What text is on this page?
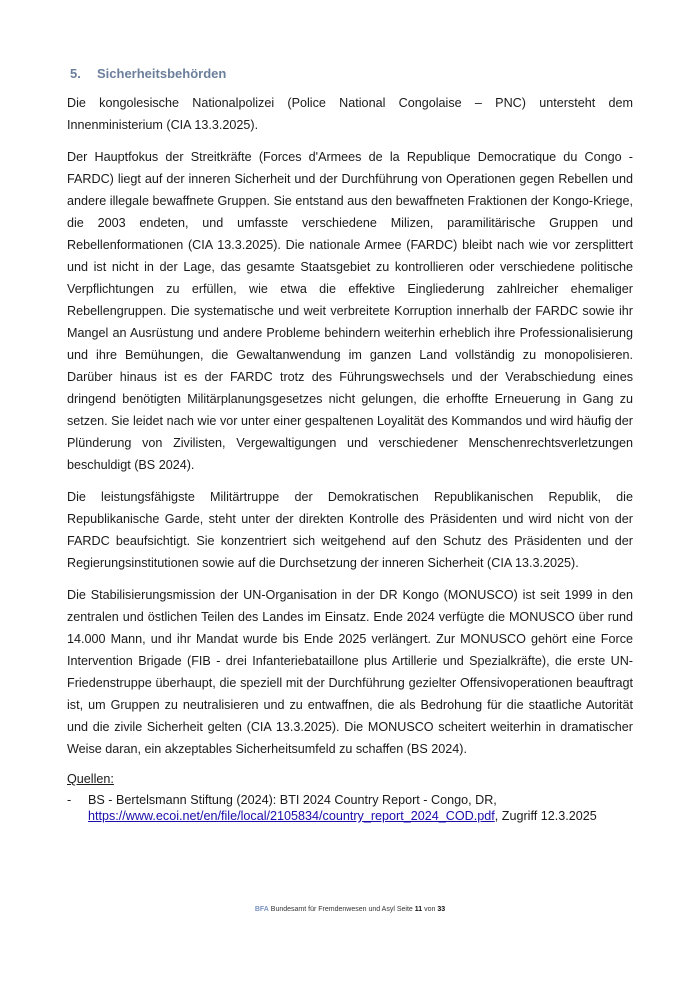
5.	Sicherheitsbehörden

Die kongolesische Nationalpolizei (Police National Congolaise – PNC) untersteht dem Innenministerium (CIA 13.3.2025).

Der Hauptfokus der Streitkräfte (Forces d'Armees de la Republique Democratique du Congo - FARDC) liegt auf der inneren Sicherheit und der Durchführung von Operationen gegen Rebellen und andere illegale bewaffnete Gruppen. Sie entstand aus den bewaffneten Fraktionen der Kongo-Kriege, die 2003 endeten, und umfasste verschiedene Milizen, paramilitärische Gruppen und Rebellenformationen (CIA 13.3.2025). Die nationale Armee (FARDC) bleibt nach wie vor zersplittert und ist nicht in der Lage, das gesamte Staatsgebiet zu kontrollieren oder verschiedene politische Verpflichtungen zu erfüllen, wie etwa die effektive Eingliederung zahlreicher ehemaliger Rebellengruppen. Die systematische und weit verbreitete Korruption innerhalb der FARDC sowie ihr Mangel an Ausrüstung und andere Probleme behindern weiterhin erheblich ihre Professionalisierung und ihre Bemühungen, die Gewaltanwendung im ganzen Land vollständig zu monopolisieren. Darüber hinaus ist es der FARDC trotz des Führungswechsels und der Verabschiedung eines dringend benötigten Militärplanungsgesetzes nicht gelungen, die erhoffte Erneuerung in Gang zu setzen. Sie leidet nach wie vor unter einer gespaltenen Loyalität des Kommandos und wird häufig der Plünderung von Zivilisten, Vergewaltigungen und verschiedener Menschenrechtsverletzungen beschuldigt (BS 2024).

Die leistungsfähigste Militärtruppe der Demokratischen Republikanischen Republik, die Republikanische Garde, steht unter der direkten Kontrolle des Präsidenten und wird nicht von der FARDC beaufsichtigt. Sie konzentriert sich weitgehend auf den Schutz des Präsidenten und der Regierungsinstitutionen sowie auf die Durchsetzung der inneren Sicherheit (CIA 13.3.2025).

Die Stabilisierungsmission der UN-Organisation in der DR Kongo (MONUSCO) ist seit 1999 in den zentralen und östlichen Teilen des Landes im Einsatz. Ende 2024 verfügte die MONUSCO über rund 14.000 Mann, und ihr Mandat wurde bis Ende 2025 verlängert. Zur MONUSCO gehört eine Force Intervention Brigade (FIB - drei Infanteriebataillone plus Artillerie und Spezialkräfte), die erste UN-Friedenstruppe überhaupt, die speziell mit der Durchführung gezielter Offensivoperationen beauftragt ist, um Gruppen zu neutralisieren und zu entwaffnen, die als Bedrohung für die staatliche Autorität und die zivile Sicherheit gelten (CIA 13.3.2025). Die MONUSCO scheitert weiterhin in dramatischer Weise daran, ein akzeptables Sicherheitsumfeld zu schaffen (BS 2024).

Quellen:
-	BS - Bertelsmann Stiftung (2024): BTI 2024 Country Report - Congo, DR,
https://www.ecoi.net/en/file/local/2105834/country_report_2024_COD.pdf, Zugriff 12.3.2025
BFA Bundesamt für Fremdenwesen und Asyl Seite 11 von 33
